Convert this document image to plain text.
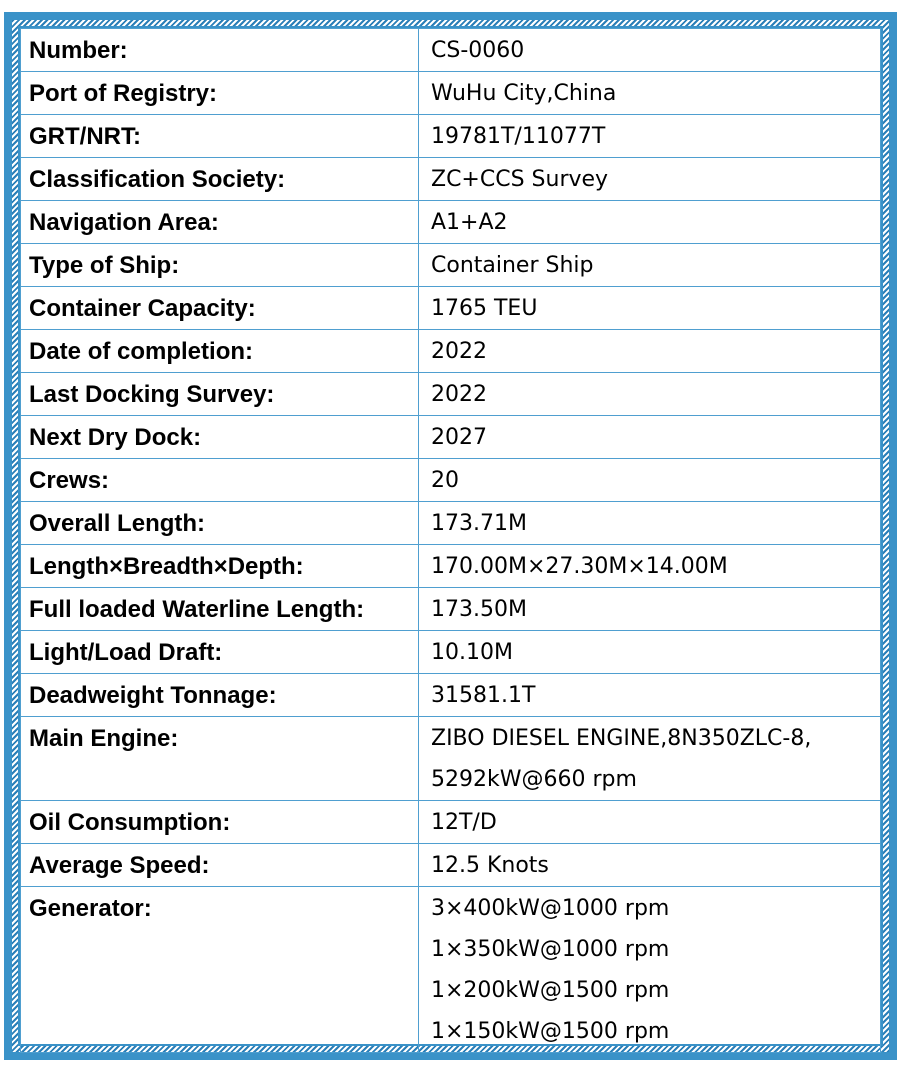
Number:	CS-0060

Port of Registry:	WuHu City,China

GRT/NRT:	19781T/11077T

Classification Society:	ZC+CCS Survey

Navigation Area:	A1+A2

Type of Ship:	Container Ship

Container Capacity:	1765 TEU

Date of completion:	2022

Last Docking Survey:	2022

Next Dry Dock:	2027

Crews:	20

Overall Length:	173.71M

Length×Breadth×Depth:	170.00M×27.30M×14.00M

Full loaded Waterline Length:	173.50M

Light/Load Draft:	10.10M

Deadweight Tonnage:	31581.1T

Main Engine:	ZIBO DIESEL ENGINE,8N350ZLC-8,
5292kW@660 rpm

Oil Consumption:	12T/D

Average Speed:	12.5 Knots

Generator:	3×400kW@1000 rpm
1×350kW@1000 rpm
1×200kW@1500 rpm
1×150kW@1500 rpm
